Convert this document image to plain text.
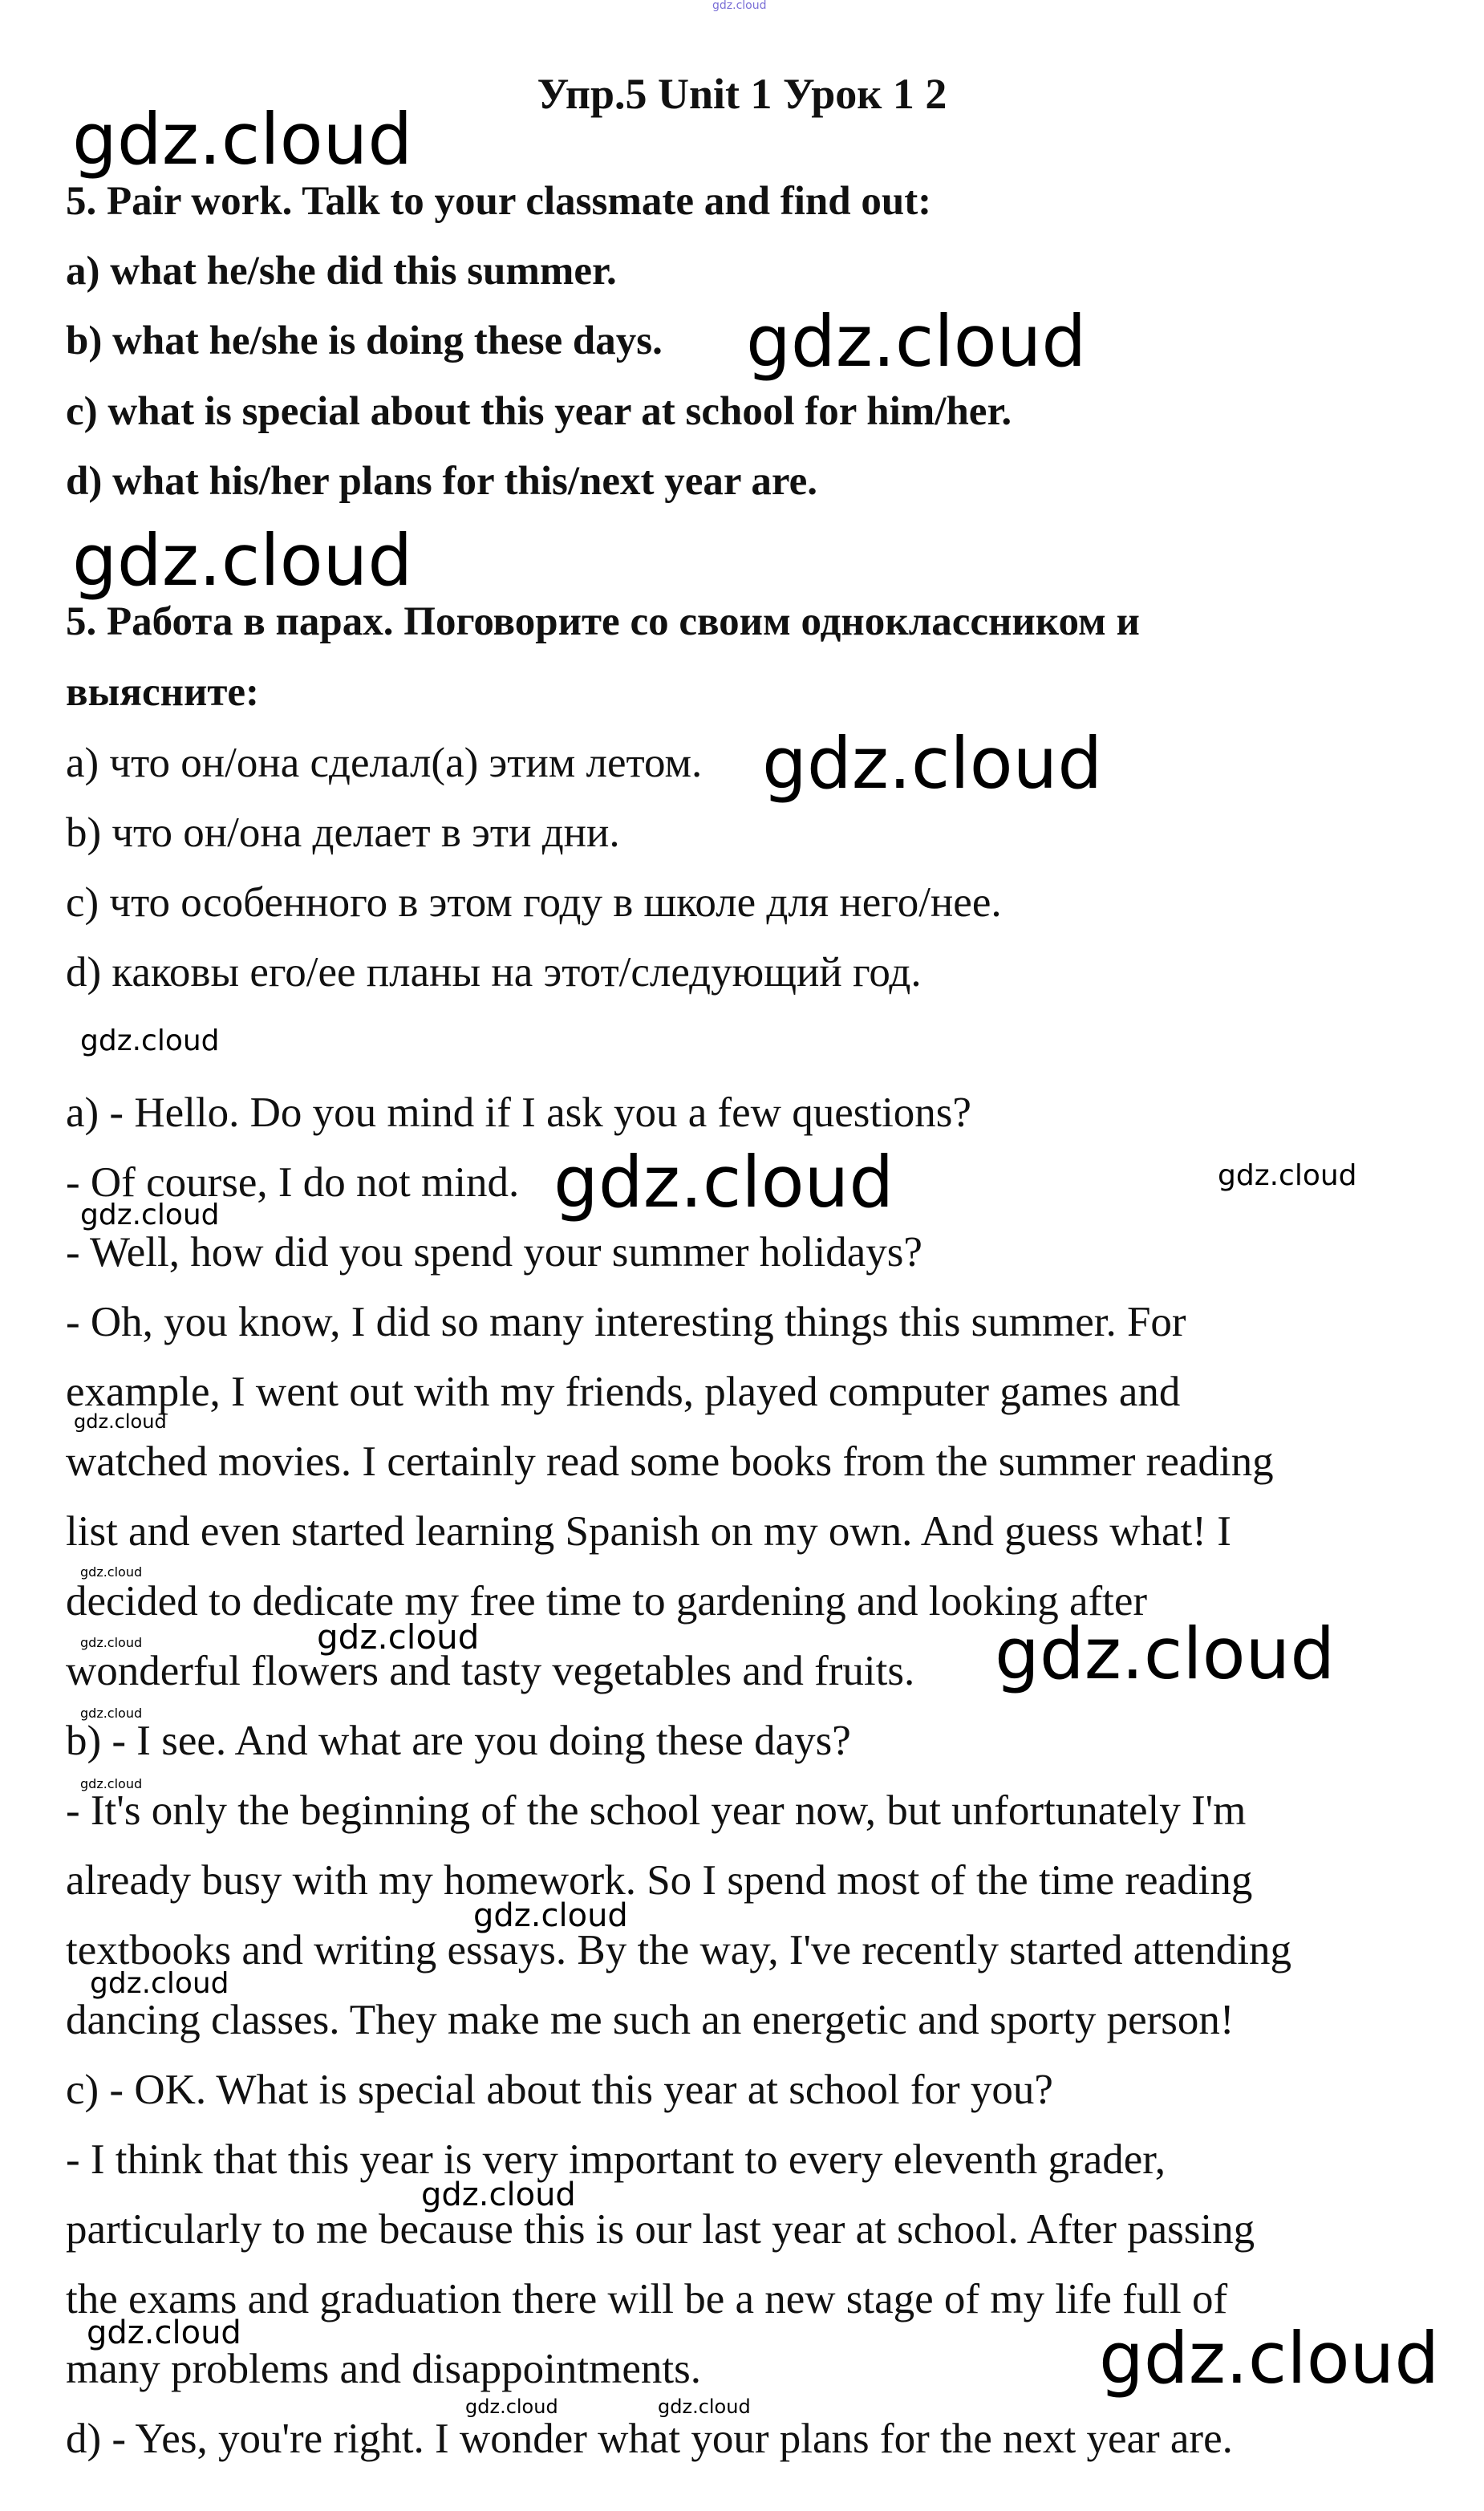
gdz.cloud
Упр.5 Unit 1 Урок 1 2
5. Pair work. Talk to your classmate and find out:
a) what he/she did this summer.
b) what he/she is doing these days.
c) what is special about this year at school for him/her.
d) what his/her plans for this/next year are.
5. Работа в парах. Поговорите со своим одноклассником и
выясните:
a) что он/она сделал(а) этим летом.
b) что он/она делает в эти дни.
c) что особенного в этом году в школе для него/нее.
d) каковы его/ее планы на этот/следующий год.
a) - Hello. Do you mind if I ask you a few questions?
- Of course, I do not mind.
- Well, how did you spend your summer holidays?
- Oh, you know, I did so many interesting things this summer. For
example, I went out with my friends, played computer games and
watched movies. I certainly read some books from the summer reading
list and even started learning Spanish on my own. And guess what! I
decided to dedicate my free time to gardening and looking after
wonderful flowers and tasty vegetables and fruits.
b) - I see. And what are you doing these days?
- It's only the beginning of the school year now, but unfortunately I'm
already busy with my homework. So I spend most of the time reading
textbooks and writing essays. By the way, I've recently started attending
dancing classes. They make me such an energetic and sporty person!
c) - OK. What is special about this year at school for you?
- I think that this year is very important to every eleventh grader,
particularly to me because this is our last year at school. After passing
the exams and graduation there will be a new stage of my life full of
many problems and disappointments.
d) - Yes, you're right. I wonder what your plans for the next year are.
gdz.cloud
gdz.cloud
gdz.cloud
gdz.cloud
gdz.cloud
gdz.cloud	gdz.cloud
gdz.cloud
gdz.cloud
gdz.cloud
gdz.cloud
gdz.cloud	gdz.cloud
gdz.cloud
gdz.cloud
gdz.cloud
gdz.cloud
gdz.cloud
gdz.cloud	gdz.cloud
gdz.cloud	gdz.cloud
